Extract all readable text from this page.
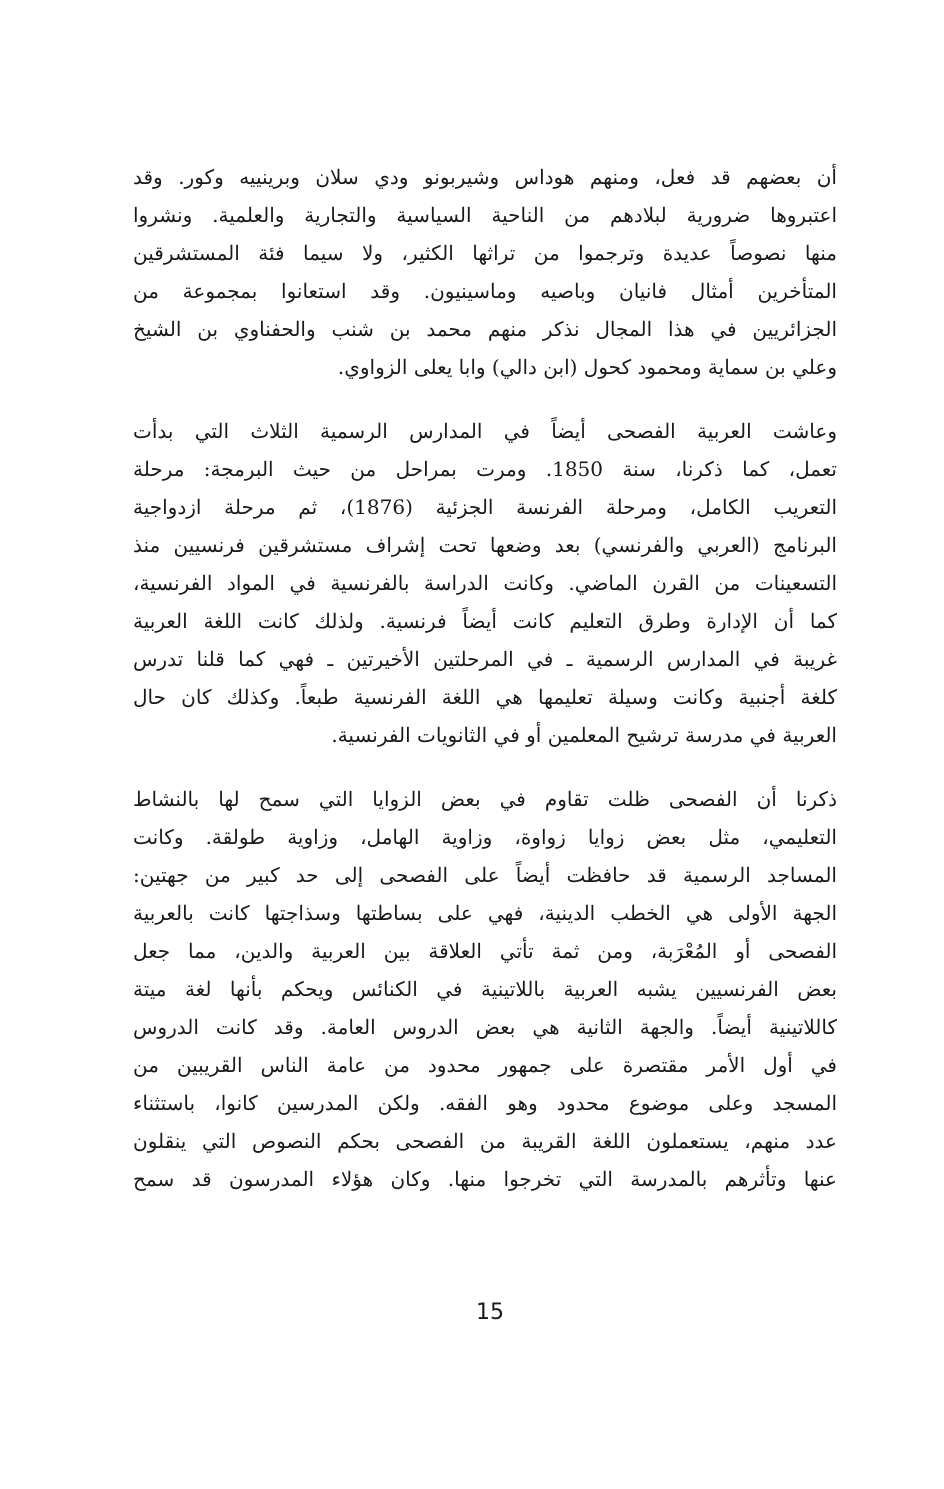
أن بعضهم قد فعل، ومنهم هوداس وشيربونو ودي سلان وبرينييه وكور. وقد
اعتبروها ضرورية لبلادهم من الناحية السياسية والتجارية والعلمية. ونشروا
منها نصوصاً عديدة وترجموا من تراثها الكثير، ولا سيما فئة المستشرقين
المتأخرين أمثال فانيان وباصيه وماسينيون. وقد استعانوا بمجموعة من
الجزائريين في هذا المجال نذكر منهم محمد بن شنب والحفناوي بن الشيخ
وعلي بن سماية ومحمود كحول (ابن دالي) وابا يعلى الزواوي.
وعاشت العربية الفصحى أيضاً في المدارس الرسمية الثلاث التي بدأت
تعمل، كما ذكرنا، سنة 1850. ومرت بمراحل من حيث البرمجة: مرحلة
التعريب الكامل، ومرحلة الفرنسة الجزئية (1876)، ثم مرحلة ازدواجية
البرنامج (العربي والفرنسي) بعد وضعها تحت إشراف مستشرقين فرنسيين منذ
التسعينات من القرن الماضي. وكانت الدراسة بالفرنسية في المواد الفرنسية،
كما أن الإدارة وطرق التعليم كانت أيضاً فرنسية. ولذلك كانت اللغة العربية
غريبة في المدارس الرسمية ـ في المرحلتين الأخيرتين ـ فهي كما قلنا تدرس
كلغة أجنبية وكانت وسيلة تعليمها هي اللغة الفرنسية طبعاً. وكذلك كان حال
العربية في مدرسة ترشيح المعلمين أو في الثانويات الفرنسية.
ذكرنا أن الفصحى ظلت تقاوم في بعض الزوايا التي سمح لها بالنشاط
التعليمي، مثل بعض زوايا زواوة، وزاوية الهامل، وزاوية طولقة. وكانت
المساجد الرسمية قد حافظت أيضاً على الفصحى إلى حد كبير من جهتين:
الجهة الأولى هي الخطب الدينية، فهي على بساطتها وسذاجتها كانت بالعربية
الفصحى أو المُعْرَبة، ومن ثمة تأتي العلاقة بين العربية والدين، مما جعل
بعض الفرنسيين يشبه العربية باللاتينية في الكنائس ويحكم بأنها لغة ميتة
كاللاتينية أيضاً. والجهة الثانية هي بعض الدروس العامة. وقد كانت الدروس
في أول الأمر مقتصرة على جمهور محدود من عامة الناس القريبين من
المسجد وعلى موضوع محدود وهو الفقه. ولكن المدرسين كانوا، باستثناء
عدد منهم، يستعملون اللغة القريبة من الفصحى بحكم النصوص التي ينقلون
عنها وتأثرهم بالمدرسة التي تخرجوا منها. وكان هؤلاء المدرسون قد سمح
15
